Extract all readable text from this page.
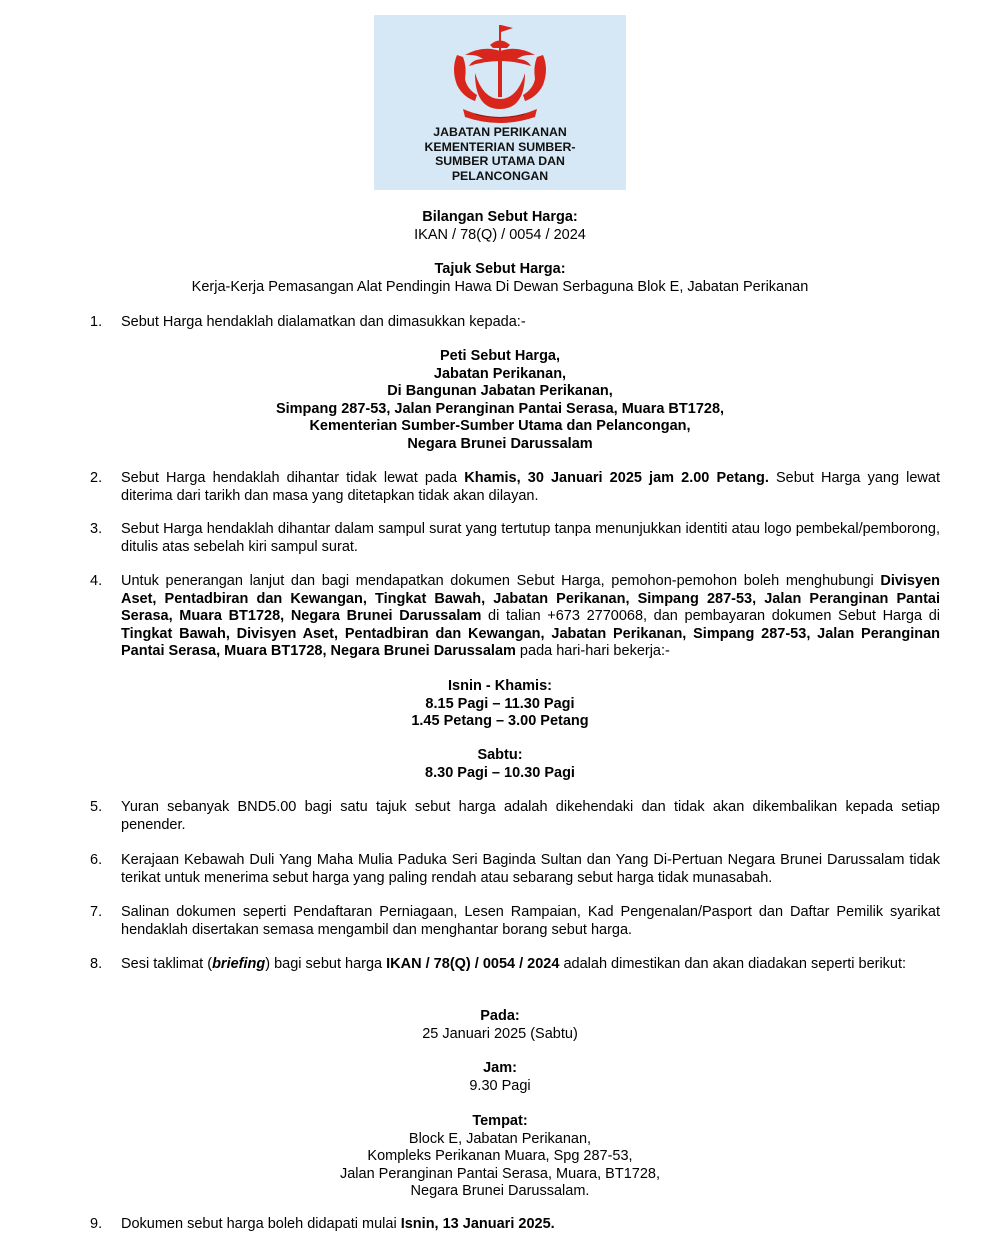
JABATAN PERIKANAN
KEMENTERIAN SUMBER-
SUMBER UTAMA DAN
PELANCONGAN
Bilangan Sebut Harga:
IKAN / 78(Q) / 0054 / 2024
Tajuk Sebut Harga:
Kerja-Kerja Pemasangan Alat Pendingin Hawa Di Dewan Serbaguna Blok E, Jabatan Perikanan
1.	Sebut Harga hendaklah dialamatkan dan dimasukkan kepada:-
Peti Sebut Harga,
Jabatan Perikanan,
Di Bangunan Jabatan Perikanan,
Simpang 287-53, Jalan Peranginan Pantai Serasa, Muara BT1728,
Kementerian Sumber-Sumber Utama dan Pelancongan,
Negara Brunei Darussalam
2.	Sebut Harga hendaklah dihantar tidak lewat pada Khamis, 30 Januari 2025 jam 2.00 Petang. Sebut Harga yang lewat diterima dari tarikh dan masa yang ditetapkan tidak akan dilayan.
3.	Sebut Harga hendaklah dihantar dalam sampul surat yang tertutup tanpa menunjukkan identiti atau logo pembekal/pemborong, ditulis atas sebelah kiri sampul surat.
4.	Untuk penerangan lanjut dan bagi mendapatkan dokumen Sebut Harga, pemohon-pemohon boleh menghubungi Divisyen Aset, Pentadbiran dan Kewangan, Tingkat Bawah, Jabatan Perikanan, Simpang 287-53, Jalan Peranginan Pantai Serasa, Muara BT1728, Negara Brunei Darussalam di talian +673 2770068, dan pembayaran dokumen Sebut Harga di Tingkat Bawah, Divisyen Aset, Pentadbiran dan Kewangan, Jabatan Perikanan, Simpang 287-53, Jalan Peranginan Pantai Serasa, Muara BT1728, Negara Brunei Darussalam pada hari-hari bekerja:-
Isnin - Khamis:
8.15 Pagi – 11.30 Pagi
1.45 Petang – 3.00 Petang
Sabtu:
8.30 Pagi – 10.30 Pagi
5.	Yuran sebanyak BND5.00 bagi satu tajuk sebut harga adalah dikehendaki dan tidak akan dikembalikan kepada setiap penender.
6.	Kerajaan Kebawah Duli Yang Maha Mulia Paduka Seri Baginda Sultan dan Yang Di-Pertuan Negara Brunei Darussalam tidak terikat untuk menerima sebut harga yang paling rendah atau sebarang sebut harga tidak munasabah.
7.	Salinan dokumen seperti Pendaftaran Perniagaan, Lesen Rampaian, Kad Pengenalan/Pasport dan Daftar Pemilik syarikat hendaklah disertakan semasa mengambil dan menghantar borang sebut harga.
8.	Sesi taklimat (briefing) bagi sebut harga IKAN / 78(Q) / 0054 / 2024 adalah dimestikan dan akan diadakan seperti berikut:
Pada:
25 Januari 2025 (Sabtu)
Jam:
9.30 Pagi
Tempat:
Block E, Jabatan Perikanan,
Kompleks Perikanan Muara, Spg 287-53,
Jalan Peranginan Pantai Serasa, Muara, BT1728,
Negara Brunei Darussalam.
9.	Dokumen sebut harga boleh didapati mulai Isnin, 13 Januari 2025.
